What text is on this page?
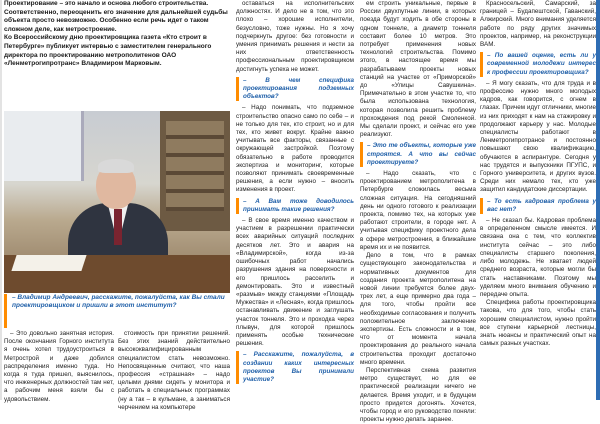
Проектирование – это начало и основа любого строительства. Соответственно, переоценить его значение для дальнейшей судьбы объекта просто невозможно. Особенно если речь идет о таком сложном деле, как метростроение.

Ко Всероссийскому дню проектировщика газета «Кто строит в Петербурге» публикует интервью с заместителем генерального директора по проектированию метрополитенов ОАО «Ленметрогипротранс» Владимиром Марковым.

– Владимир Андреевич, расскажите, пожалуйста, как Вы стали проектировщиком и пришли в этот институт?
– Это довольно занятная история. После окончания Горного института я очень хотел трудоустроиться в Метрострой и даже добился распределения именно туда. Но когда я туда пришел, выяснилось, что инженерных должностей там нет, а рабочим меня взяли бы с удовольствием.
стоимость при принятии решений. Без этих знаний действительно высококвалифицированным специалистом стать невозможно. Непосвященные считают, что наша профессия «страшная» – надо целыми днями сидеть у монитора и работать в специальных программах (ну а так – в кульмане, а заниматься черчением на компьютере
оставаться на исполнительских должностях. И дело не в том, что это плохо – хорошие исполнители, безусловно, тоже нужны. Но я хочу подчеркнуть другое: без готовности и умения принимать решения и нести за них ответственность профессиональным проектировщиком достигнуть успеха не может.
– В чем специфика проектирования подземных объектов?
– Надо понимать, что подземное строительство опасно само по себе – и не только для тех, кто строит, но и для тех, кто живет вокруг. Крайне важно учитывать все факторы, связанные с окружающей застройкой. Поэтому обязательно в работе проводится экспертиза и мониторинг, которые позволяют принимать своевременные решения, а если нужно – вносить изменения в проект.
– А Вам тоже доводилось принимать такие решения?
– В свое время именно качеством и участием в разрешении практически всех аварийных ситуаций последних десятков лет. Это и авария на «Владимирской», когда из-за ошибочных работ начались разрушения здания на поверхности и его пришлось расселить и демонтировать. Это и известный «размыв» между станциями «Площадь Мужества» и «Лесная», когда пришлось останавливать движение и заглушать участок тоннеля. Это и проходка через плывун, для которой пришлось применять особые технические решения.
– Расскажите, пожалуйста, в создании каких интересных проектов Вы принимали участие?
ем строить уникальные, первые в России двухпутные линии, в которых поезда будут ходить в обе стороны в одном тоннеле, а диаметр тоннеля составит более 10 метров. Это потребует применения новых технологий строительства. Помимо этого, в настоящее время мы разрабатываем проекты новых станций на участке от «Приморской» до «Улицы Савушкина». Примечательно в этом участке то, что была использована технология, которая позволила решить проблему прохождения под рекой Смоленкой. Мы сделали проект, и сейчас его уже реализуют.
– Это те объекты, которые уже строятся. А что вы сейчас проектируете?
– Надо сказать, что с проектированием метрополитена в Петербурге сложилась весьма сложная ситуация. На сегодняшний день ни одного готового к реализации проекта, помимо тех, на которых уже работают строители, в городе нет. А учитывая специфику проектного дела в сфере метростроения, в ближайшие время их и не появится.
Дело в том, что в рамках существующего законодательства и нормативных документов для создания проекта метрополитена на новой линии требуется более двух-трех лет, а еще примерно два года – для того, чтобы пройти все необходимые согласования и получить положительное заключение экспертизы. Есть сложности и в том, что от момента начала проектирования до реального начала строительства проходит достаточно много времени.
Перспективная схема развития метро существует, но для ее практической реализации ничего не делается. Время уходит, и в будущем просто придется догонять. Хочется, чтобы город и его руководство поняли: проекты нужно делать заранее.
Красносельский, Самарский, за границей – Будапештской, Гаванский, Алжирский. Много внимания уделяется работе по ряду других значимых проектов, например, на реконструкции ВАМ.
– По вашей оценке, есть ли у современной молодежи интерес к профессии проектировщика?
– Я могу сказать, что для труда и в профессию нужно много молодых кадров, как говорится, с огнем в глазах. Причем идут отличники, многие из них приходят к нам на стажировку и продолжают карьеру у нас. Молодые специалисты работают в Ленметрогипротрансе и постоянно повышают свою квалификацию, обучаются в аспирантуре. Сегодня у нас трудятся и выпускники ПГУПС, и Горного университета, и других вузов. Среди них немало тех, кто уже защитил кандидатские диссертации.
– То есть кадровая проблема у вас нет?
– Не сказал бы. Кадровая проблема в определенном смысле имеется. И связана она с тем, что коллектив института сейчас – это либо специалисты старшего поколения, либо молодежь. Не хватает людей среднего возраста, которые могли бы стать наставниками. Поэтому мы уделяем много внимания обучению и передаче опыта.
Специфика работы проектировщика такова, что для того, чтобы стать хорошим специалистом, нужно пройти все ступени карьерной лестницы, знать нюансы и практический опыт на самых разных участках.
